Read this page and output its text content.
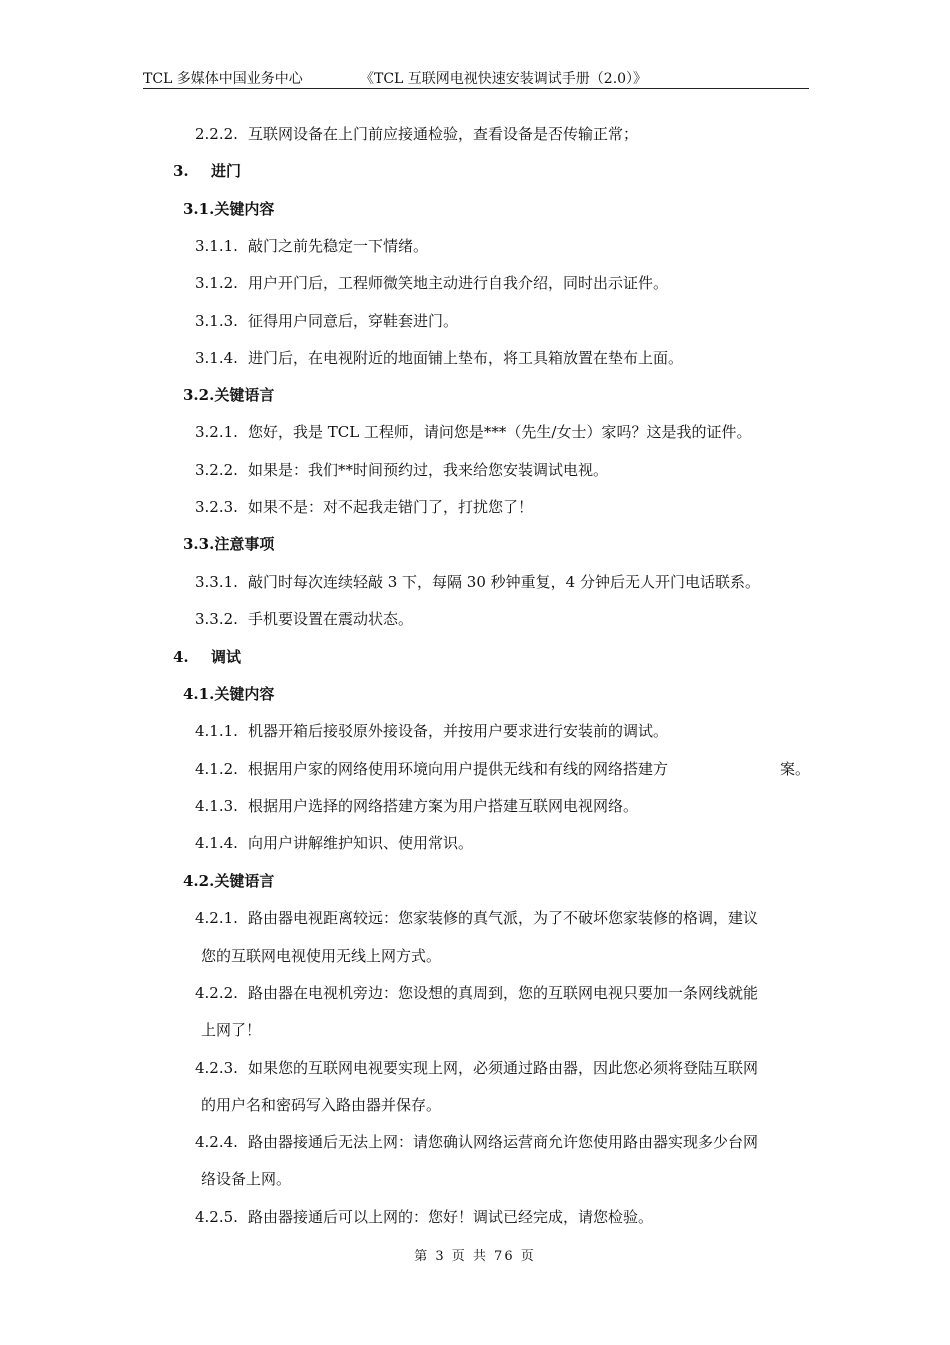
TCL 多媒体中国业务中心	《TCL 互联网电视快速安装调试手册（2.0）》
2.2.2. 互联网设备在上门前应接通检验，查看设备是否传输正常；
3. 进门
3.1.关键内容
3.1.1. 敲门之前先稳定一下情绪。
3.1.2. 用户开门后，工程师微笑地主动进行自我介绍，同时出示证件。
3.1.3. 征得用户同意后，穿鞋套进门。
3.1.4. 进门后，在电视附近的地面铺上垫布，将工具箱放置在垫布上面。
3.2.关键语言
3.2.1. 您好，我是 TCL 工程师，请问您是***（先生/女士）家吗？这是我的证件。
3.2.2. 如果是：我们**时间预约过，我来给您安装调试电视。
3.2.3. 如果不是：对不起我走错门了，打扰您了！
3.3.注意事项
3.3.1. 敲门时每次连续轻敲 3 下，每隔 30 秒钟重复，4 分钟后无人开门电话联系。
3.3.2. 手机要设置在震动状态。
4. 调试
4.1.关键内容
4.1.1. 机器开箱后接驳原外接设备，并按用户要求进行安装前的调试。
4.1.2. 根据用户家的网络使用环境向用户提供无线和有线的网络搭建方	案。
4.1.3. 根据用户选择的网络搭建方案为用户搭建互联网电视网络。
4.1.4. 向用户讲解维护知识、使用常识。
4.2.关键语言
4.2.1. 路由器电视距离较远：您家装修的真气派，为了不破坏您家装修的格调，建议
您的互联网电视使用无线上网方式。
4.2.2. 路由器在电视机旁边：您设想的真周到，您的互联网电视只要加一条网线就能
上网了！
4.2.3. 如果您的互联网电视要实现上网，必须通过路由器，因此您必须将登陆互联网
的用户名和密码写入路由器并保存。
4.2.4. 路由器接通后无法上网：请您确认网络运营商允许您使用路由器实现多少台网
络设备上网。
4.2.5. 路由器接通后可以上网的：您好！调试已经完成，请您检验。
第 3 页 共 76 页
